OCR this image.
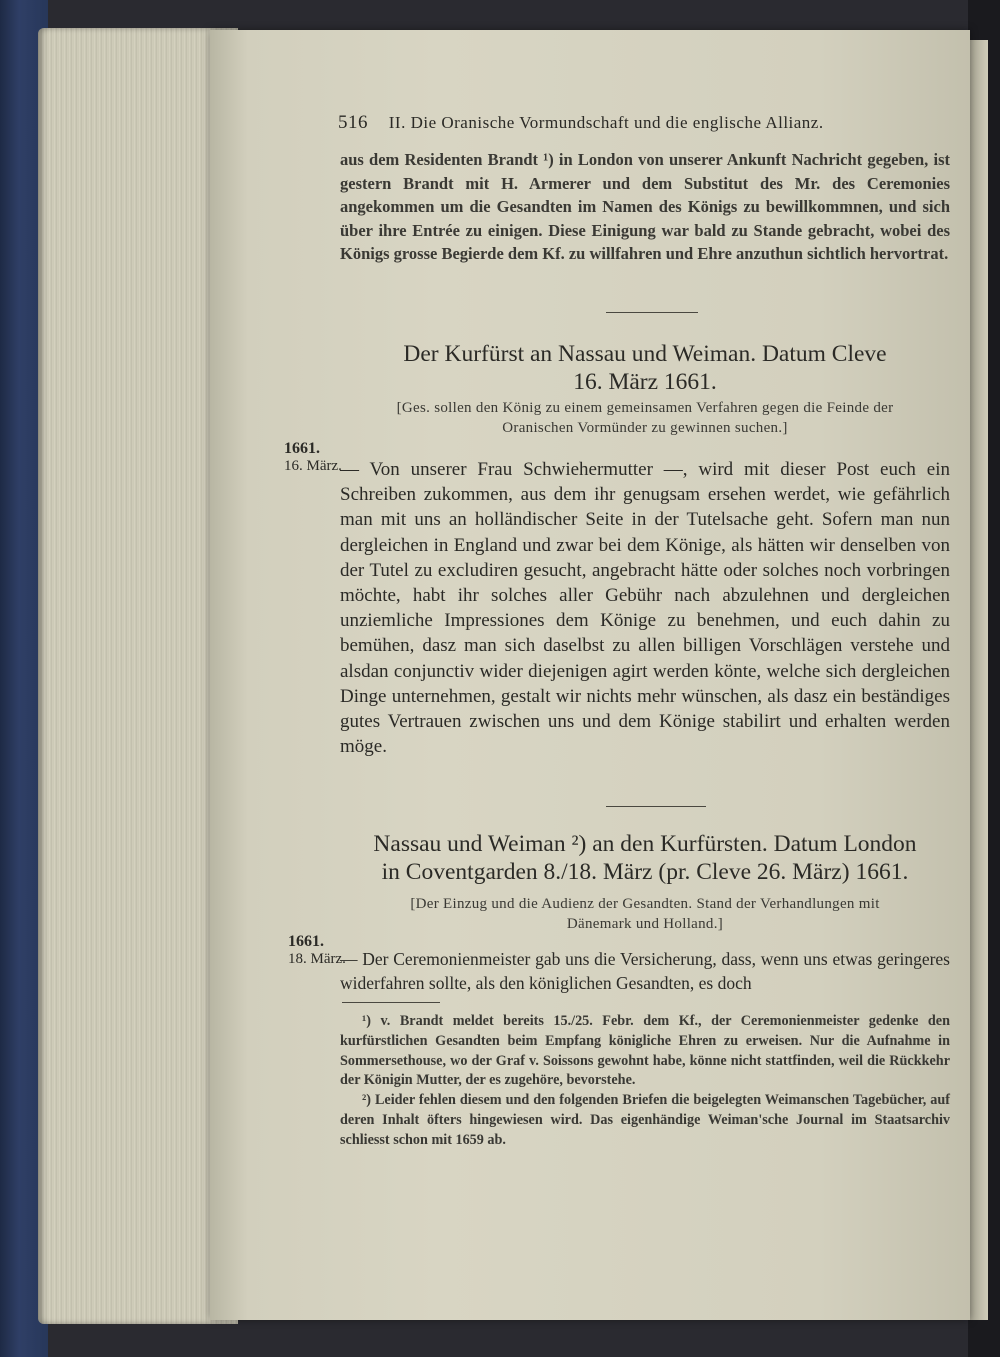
516 II. Die Oranische Vormundschaft und die englische Allianz.
aus dem Residenten Brandt ¹) in London von unserer Ankunft Nachricht gegeben, ist gestern Brandt mit H. Armerer und dem Substitut des Mr. des Ceremonies angekommen um die Gesandten im Namen des Königs zu bewillkommnen, und sich über ihre Entrée zu einigen. Diese Einigung war bald zu Stande gebracht, wobei des Königs grosse Begierde dem Kf. zu willfahren und Ehre anzuthun sichtlich hervortrat.
Der Kurfürst an Nassau und Weiman. Datum Cleve
16. März 1661.
[Ges. sollen den König zu einem gemeinsamen Verfahren gegen die Feinde der
Oranischen Vormünder zu gewinnen suchen.]
1661.
16. März.
— Von unserer Frau Schwiehermutter —, wird mit dieser Post euch ein Schreiben zukommen, aus dem ihr genugsam ersehen werdet, wie gefährlich man mit uns an holländischer Seite in der Tutelsache geht. Sofern man nun dergleichen in England und zwar bei dem Könige, als hätten wir denselben von der Tutel zu excludiren gesucht, angebracht hätte oder solches noch vorbringen möchte, habt ihr solches aller Gebühr nach abzulehnen und dergleichen unziemliche Impressiones dem Könige zu benehmen, und euch dahin zu bemühen, dasz man sich daselbst zu allen billigen Vorschlägen verstehe und alsdan conjunctiv wider diejenigen agirt werden könte, welche sich dergleichen Dinge unternehmen, gestalt wir nichts mehr wünschen, als dasz ein beständiges gutes Vertrauen zwischen uns und dem Könige stabilirt und erhalten werden möge.
Nassau und Weiman ²) an den Kurfürsten. Datum London
in Coventgarden 8./18. März (pr. Cleve 26. März) 1661.
[Der Einzug und die Audienz der Gesandten. Stand der Verhandlungen mit
Dänemark und Holland.]
1661.
18. März.
— Der Ceremonienmeister gab uns die Versicherung, dass, wenn uns etwas geringeres widerfahren sollte, als den königlichen Gesandten, es doch

¹) v. Brandt meldet bereits 15./25. Febr. dem Kf., der Ceremonienmeister gedenke den kurfürstlichen Gesandten beim Empfang königliche Ehren zu erweisen. Nur die Aufnahme in Sommersethouse, wo der Graf v. Soissons gewohnt habe, könne nicht stattfinden, weil die Rückkehr der Königin Mutter, der es zugehöre, bevorstehe.

²) Leider fehlen diesem und den folgenden Briefen die beigelegten Weimanschen Tagebücher, auf deren Inhalt öfters hingewiesen wird. Das eigenhändige Weiman'sche Journal im Staatsarchiv schliesst schon mit 1659 ab.
